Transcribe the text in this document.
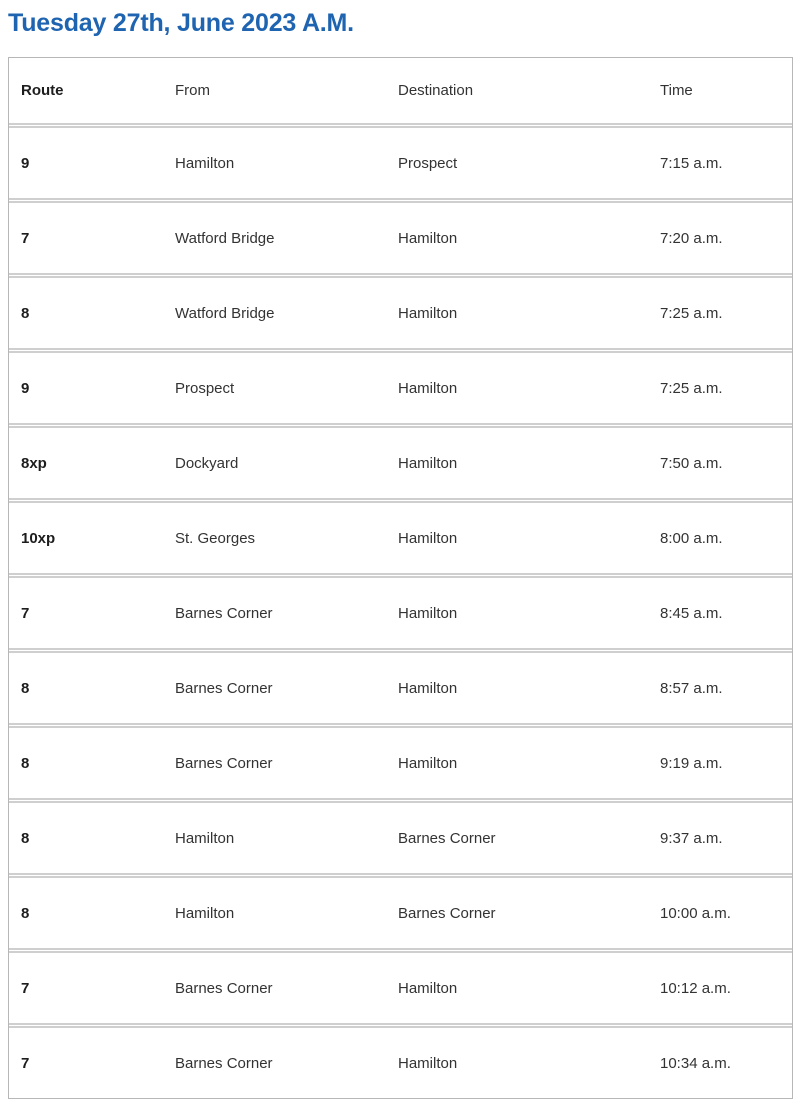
Tuesday 27th, June 2023 A.M.
Route	From	Destination	Time
9	Hamilton	Prospect	7:15 a.m.
7	Watford Bridge	Hamilton	7:20 a.m.
8	Watford Bridge	Hamilton	7:25 a.m.
9	Prospect	Hamilton	7:25 a.m.
8xp	Dockyard	Hamilton	7:50 a.m.
10xp	St. Georges	Hamilton	8:00 a.m.
7	Barnes Corner	Hamilton	8:45 a.m.
8	Barnes Corner	Hamilton	8:57 a.m.
8	Barnes Corner	Hamilton	9:19 a.m.
8	Hamilton	Barnes Corner	9:37 a.m.
8	Hamilton	Barnes Corner	10:00 a.m.
7	Barnes Corner	Hamilton	10:12 a.m.
7	Barnes Corner	Hamilton	10:34 a.m.
